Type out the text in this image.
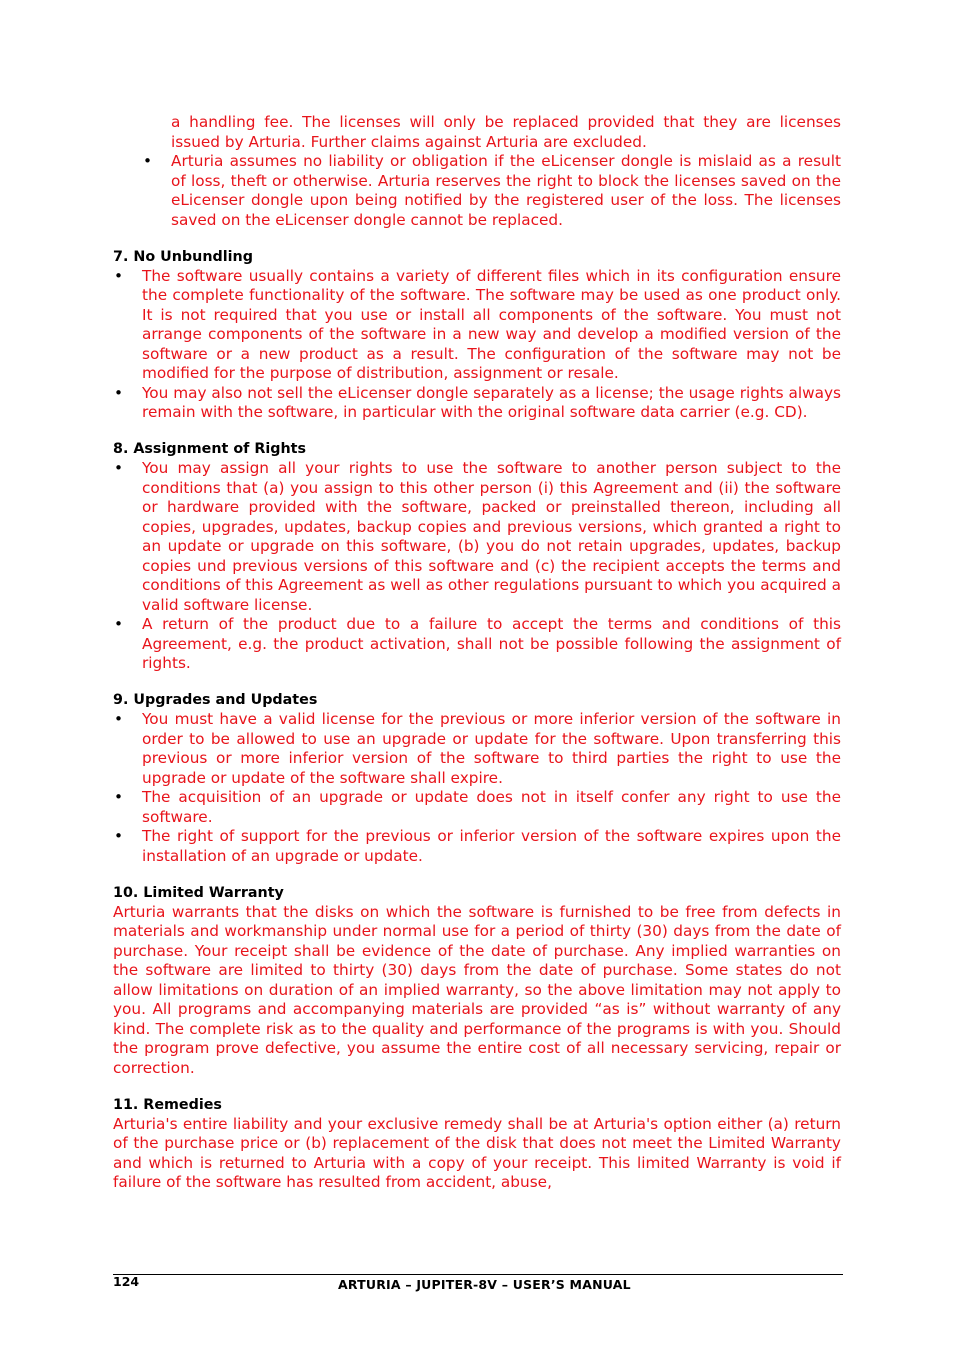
a handling fee. The licenses will only be replaced provided that they are licenses issued by Arturia. Further claims against Arturia are excluded.

• Arturia assumes no liability or obligation if the eLicenser dongle is mislaid as a result of loss, theft or otherwise. Arturia reserves the right to block the licenses saved on the eLicenser dongle upon being notified by the registered user of the loss. The licenses saved on the eLicenser dongle cannot be replaced.
7. No Unbundling
• The software usually contains a variety of different files which in its configuration ensure the complete functionality of the software. The software may be used as one product only. It is not required that you use or install all components of the software. You must not arrange components of the software in a new way and develop a modified version of the software or a new product as a result. The configuration of the software may not be modified for the purpose of distribution, assignment or resale.
• You may also not sell the eLicenser dongle separately as a license; the usage rights always remain with the software, in particular with the original software data carrier (e.g. CD).
8. Assignment of Rights
• You may assign all your rights to use the software to another person subject to the conditions that (a) you assign to this other person (i) this Agreement and (ii) the software or hardware provided with the software, packed or preinstalled thereon, including all copies, upgrades, updates, backup copies and previous versions, which granted a right to an update or upgrade on this software, (b) you do not retain upgrades, updates, backup copies und previous versions of this software and (c) the recipient accepts the terms and conditions of this Agreement as well as other regulations pursuant to which you acquired a valid software license.
• A return of the product due to a failure to accept the terms and conditions of this Agreement, e.g. the product activation, shall not be possible following the assignment of rights.
9. Upgrades and Updates
• You must have a valid license for the previous or more inferior version of the software in order to be allowed to use an upgrade or update for the software. Upon transferring this previous or more inferior version of the software to third parties the right to use the upgrade or update of the software shall expire.
• The acquisition of an upgrade or update does not in itself confer any right to use the software.
• The right of support for the previous or inferior version of the software expires upon the installation of an upgrade or update.
10. Limited Warranty

Arturia warrants that the disks on which the software is furnished to be free from defects in materials and workmanship under normal use for a period of thirty (30) days from the date of purchase. Your receipt shall be evidence of the date of purchase. Any implied warranties on the software are limited to thirty (30) days from the date of purchase. Some states do not allow limitations on duration of an implied warranty, so the above limitation may not apply to you. All programs and accompanying materials are provided “as is” without warranty of any kind. The complete risk as to the quality and performance of the programs is with you. Should the program prove defective, you assume the entire cost of all necessary servicing, repair or correction.

11. Remedies

Arturia's entire liability and your exclusive remedy shall be at Arturia's option either (a) return of the purchase price or (b) replacement of the disk that does not meet the Limited Warranty and which is returned to Arturia with a copy of your receipt. This limited Warranty is void if failure of the software has resulted from accident, abuse,

124	ARTURIA – JUPITER-8V – USER’S MANUAL
